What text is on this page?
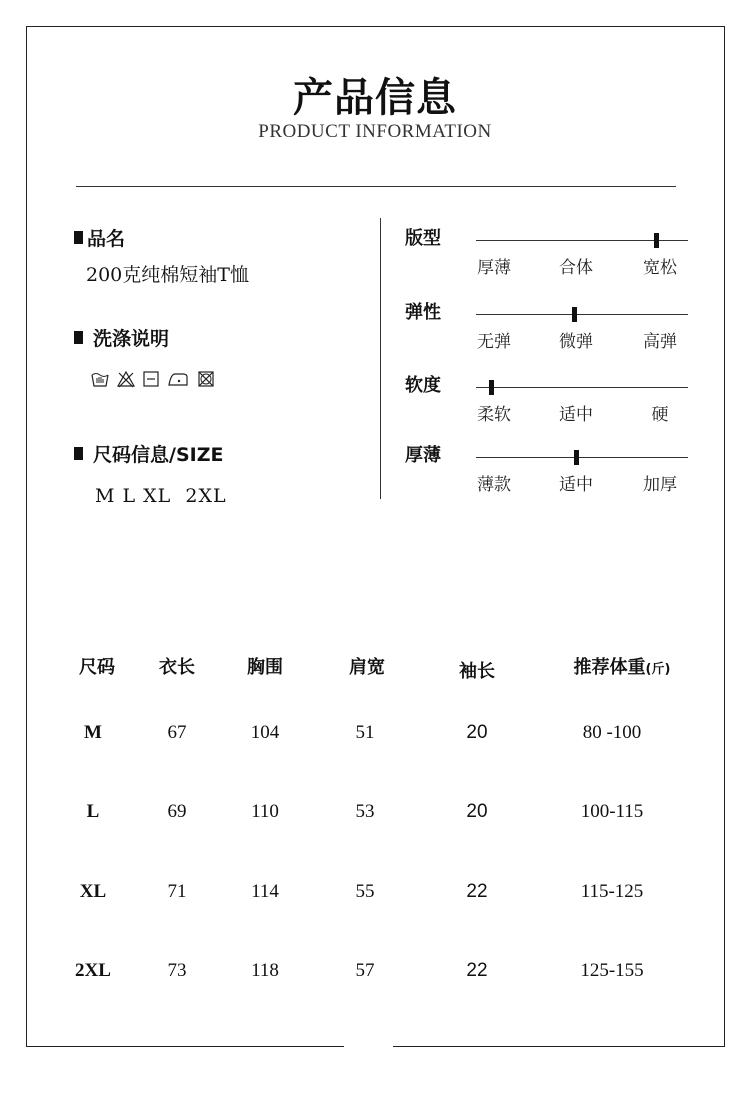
产品信息
PRODUCT INFORMATION
品名
200克纯棉短袖T恤
洗涤说明
尺码信息/SIZE
M L XL  2XL
版型
厚薄	合体	宽松
弹性
无弹	微弹	高弹
软度
柔软	适中	硬
厚薄
薄款	适中	加厚
尺码	衣长	胸围	肩宽	袖长	推荐体重(斤)
M	67	104	51	20	80 -100
L	69	110	53	20	100-115
XL	71	114	55	22	115-125
2XL	73	118	57	22	125-155
